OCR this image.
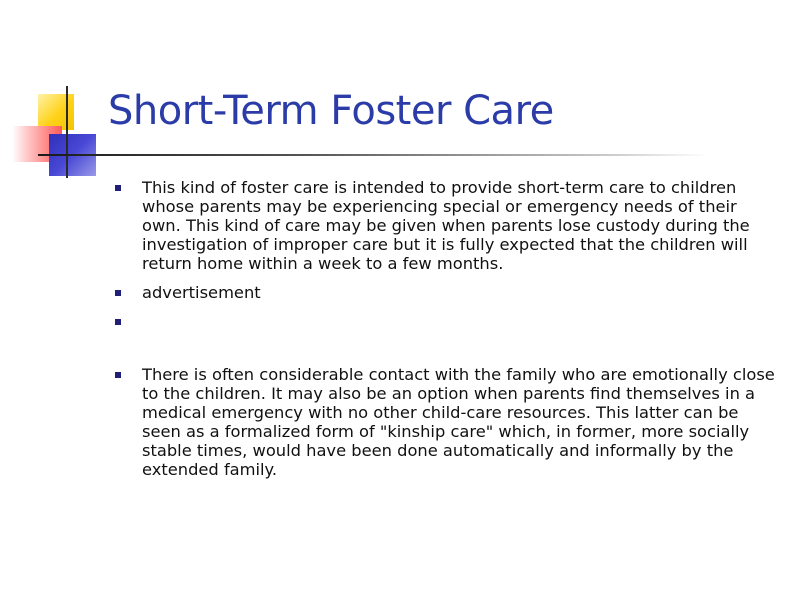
Short-Term Foster Care
This kind of foster care is intended to provide short-term care to children whose parents may be experiencing special or emergency needs of their own. This kind of care may be given when parents lose custody during the investigation of improper care but it is fully expected that the children will return home within a week to a few months.
advertisement
There is often considerable contact with the family who are emotionally close to the children. It may also be an option when parents find themselves in a medical emergency with no other child-care resources. This latter can be seen as a formalized form of "kinship care" which, in former, more socially stable times, would have been done automatically and informally by the extended family.
